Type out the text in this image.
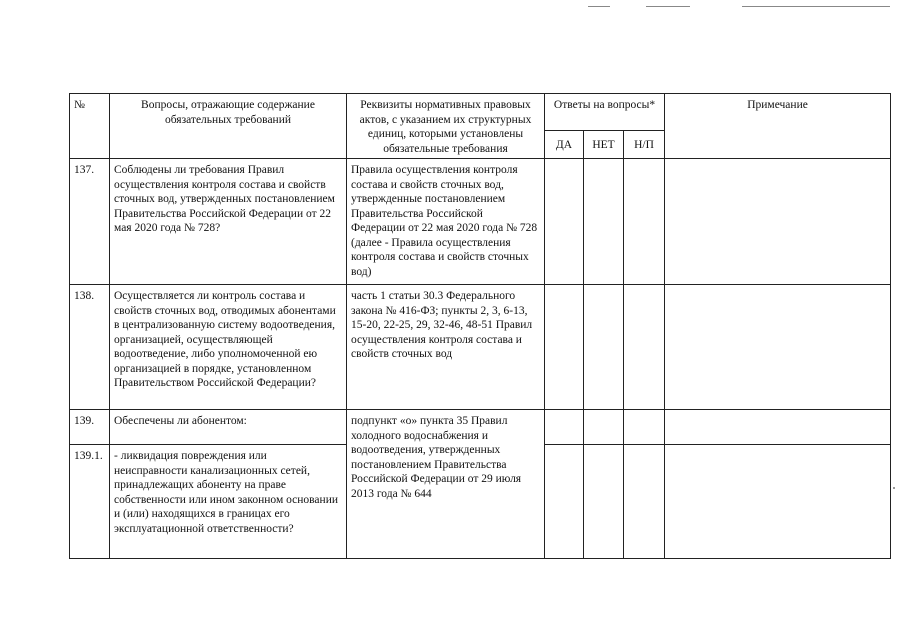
№	Вопросы, отражающие содержание обязательных требований	Реквизиты нормативных правовых актов, с указанием их структурных единиц, которыми установлены обязательные требования	Ответы на вопросы*			Примечание
			ДА	НЕТ	Н/П	
137.	Соблюдены ли требования Правил осуществления контроля состава и свойств сточных вод, утвержденных постановлением Правительства Российской Федерации от 22 мая 2020 года № 728?	Правила осуществления контроля состава и свойств сточных вод, утвержденные постановлением Правительства Российской Федерации от 22 мая 2020 года № 728 (далее - Правила осуществления контроля состава и свойств сточных вод)				
138.	Осуществляется ли контроль состава и свойств сточных вод, отводимых абонентами в централизованную систему водоотведения, организацией, осуществляющей водоотведение, либо уполномоченной ею организацией в порядке, установленном Правительством Российской Федерации?	часть 1 статьи 30.3 Федерального закона № 416-ФЗ; пункты 2, 3, 6-13, 15-20, 22-25, 29, 32-46, 48-51 Правил осуществления контроля состава и свойств сточных вод				
139.	Обеспечены ли абонентом:	подпункт «о» пункта 35 Правил холодного водоснабжения и водоотведения, утвержденных постановлением Правительства Российской Федерации от 29 июля 2013 года № 644				
139.1.	- ликвидация повреждения или неисправности канализационных сетей, принадлежащих абоненту на праве собственности или ином законном основании и (или) находящихся в границах его эксплуатационной ответственности?					
